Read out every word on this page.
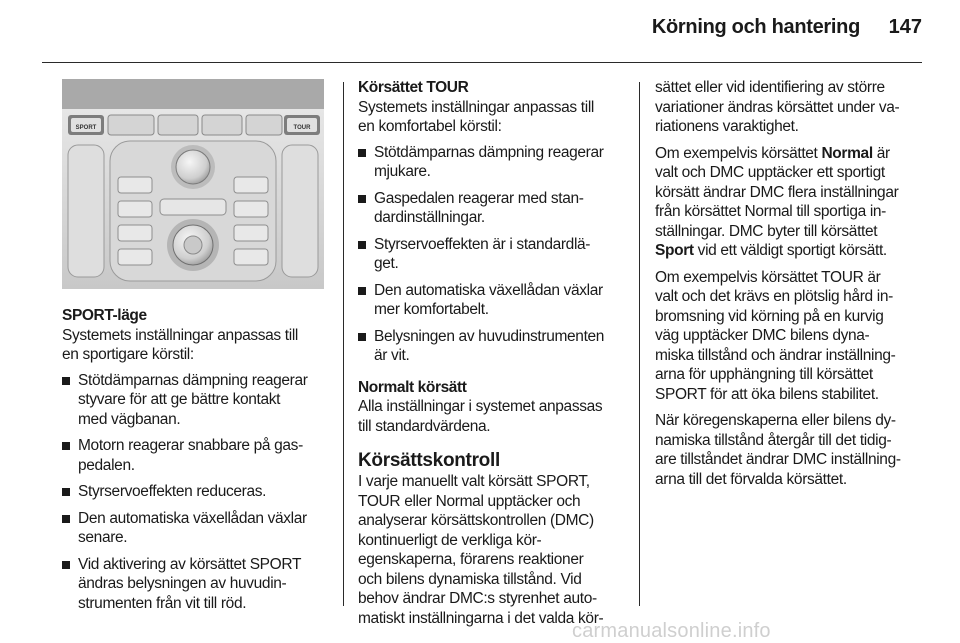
Körning och hantering 147
SPORT	TOUR
SPORT-läge
Systemets inställningar anpassas till
en sportigare körstil:
Stötdämparnas dämpning reagerar
styvare för att ge bättre kontakt
med vägbanan.
Motorn reagerar snabbare på gas-
pedalen.
Styrservoeffekten reduceras.
Den automatiska växellådan växlar
senare.
Vid aktivering av körsättet SPORT
ändras belysningen av huvudin-
strumenten från vit till röd.
Körsättet TOUR
Systemets inställningar anpassas till
en komfortabel körstil:
Stötdämparnas dämpning reagerar
mjukare.
Gaspedalen reagerar med stan-
dardinställningar.
Styrservoeffekten är i standardlä-
get.
Den automatiska växellådan växlar
mer komfortabelt.
Belysningen av huvudinstrumenten
är vit.
Normalt körsätt
Alla inställningar i systemet anpassas
till standardvärdena.
Körsättskontroll
I varje manuellt valt körsätt SPORT,
TOUR eller Normal upptäcker och
analyserar körsättskontrollen (DMC)
kontinuerligt de verkliga kör-
egenskaperna, förarens reaktioner
och bilens dynamiska tillstånd. Vid
behov ändrar DMC:s styrenhet auto-
matiskt inställningarna i det valda kör-

sättet eller vid identifiering av större
variationer ändras körsättet under va-
riationens varaktighet.

Om exempelvis körsättet Normal är
valt och DMC upptäcker ett sportigt
körsätt ändrar DMC flera inställningar
från körsättet Normal till sportiga in-
ställningar. DMC byter till körsättet
Sport vid ett väldigt sportigt körsätt.

Om exempelvis körsättet TOUR är
valt och det krävs en plötslig hård in-
bromsning vid körning på en kurvig
väg upptäcker DMC bilens dyna-
miska tillstånd och ändrar inställning-
arna för upphängning till körsättet
SPORT för att öka bilens stabilitet.

När köregenskaperna eller bilens dy-
namiska tillstånd återgår till det tidig-
are tillståndet ändrar DMC inställning-
arna till det förvalda körsättet.

carmanualsonline.info
